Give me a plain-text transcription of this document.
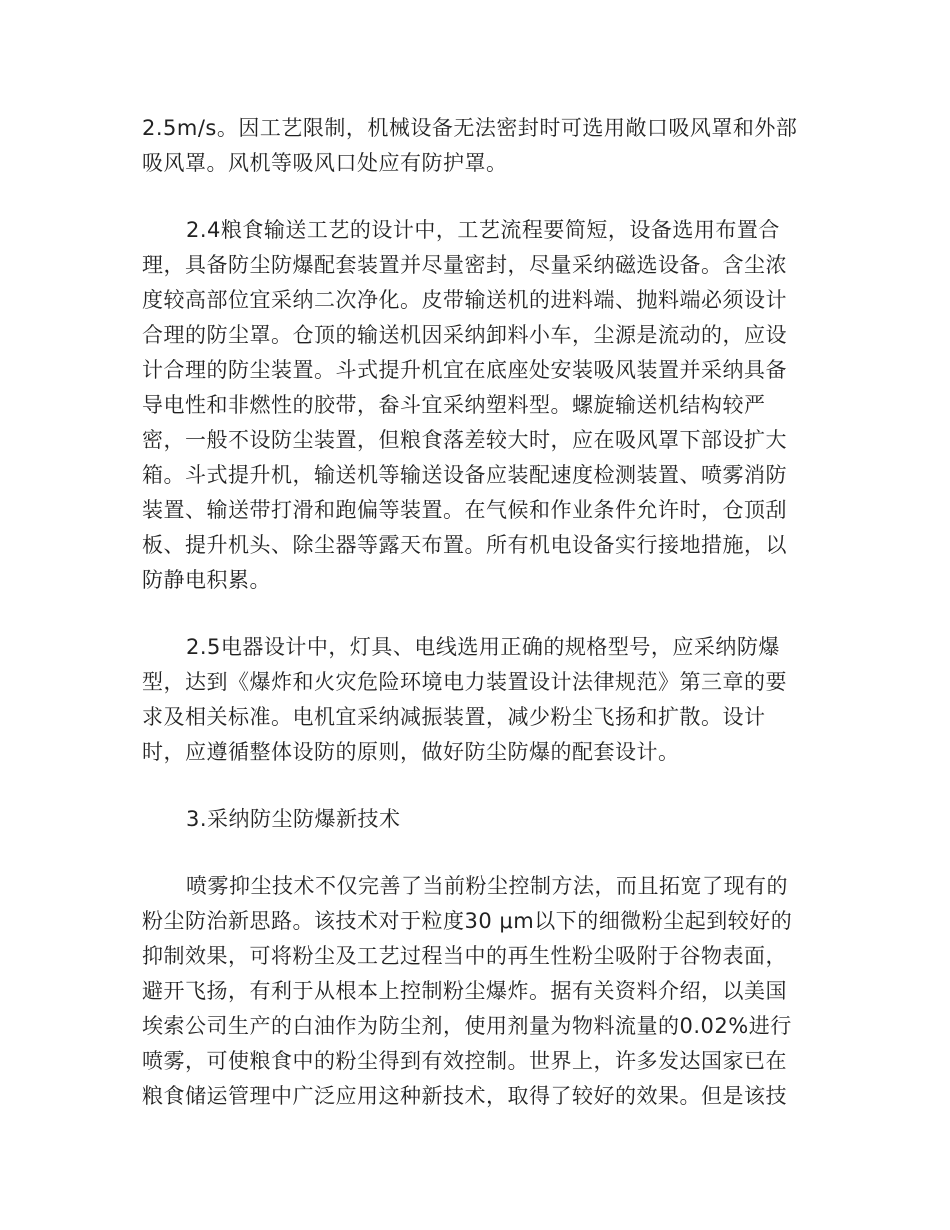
2.5m/s。因工艺限制，机械设备无法密封时可选用敞口吸风罩和外部
吸风罩。风机等吸风口处应有防护罩。
2.4粮食输送工艺的设计中，工艺流程要简短，设备选用布置合
理，具备防尘防爆配套装置并尽量密封，尽量采纳磁选设备。含尘浓
度较高部位宜采纳二次净化。皮带输送机的进料端、抛料端必须设计
合理的防尘罩。仓顶的输送机因采纳卸料小车，尘源是流动的，应设
计合理的防尘装置。斗式提升机宜在底座处安装吸风装置并采纳具备
导电性和非燃性的胶带，畚斗宜采纳塑料型。螺旋输送机结构较严
密，一般不设防尘装置，但粮食落差较大时，应在吸风罩下部设扩大
箱。斗式提升机，输送机等输送设备应装配速度检测装置、喷雾消防
装置、输送带打滑和跑偏等装置。在气候和作业条件允许时，仓顶刮
板、提升机头、除尘器等露天布置。所有机电设备实行接地措施，以
防静电积累。
2.5电器设计中，灯具、电线选用正确的规格型号，应采纳防爆
型，达到《爆炸和火灾危险环境电力装置设计法律规范》第三章的要
求及相关标准。电机宜采纳减振装置，减少粉尘飞扬和扩散。设计
时，应遵循整体设防的原则，做好防尘防爆的配套设计。
3.采纳防尘防爆新技术
喷雾抑尘技术不仅完善了当前粉尘控制方法，而且拓宽了现有的
粉尘防治新思路。该技术对于粒度30 μm以下的细微粉尘起到较好的
抑制效果，可将粉尘及工艺过程当中的再生性粉尘吸附于谷物表面，
避开飞扬，有利于从根本上控制粉尘爆炸。据有关资料介绍，以美国
埃索公司生产的白油作为防尘剂，使用剂量为物料流量的0.02%进行
喷雾，可使粮食中的粉尘得到有效控制。世界上，许多发达国家已在
粮食储运管理中广泛应用这种新技术，取得了较好的效果。但是该技
